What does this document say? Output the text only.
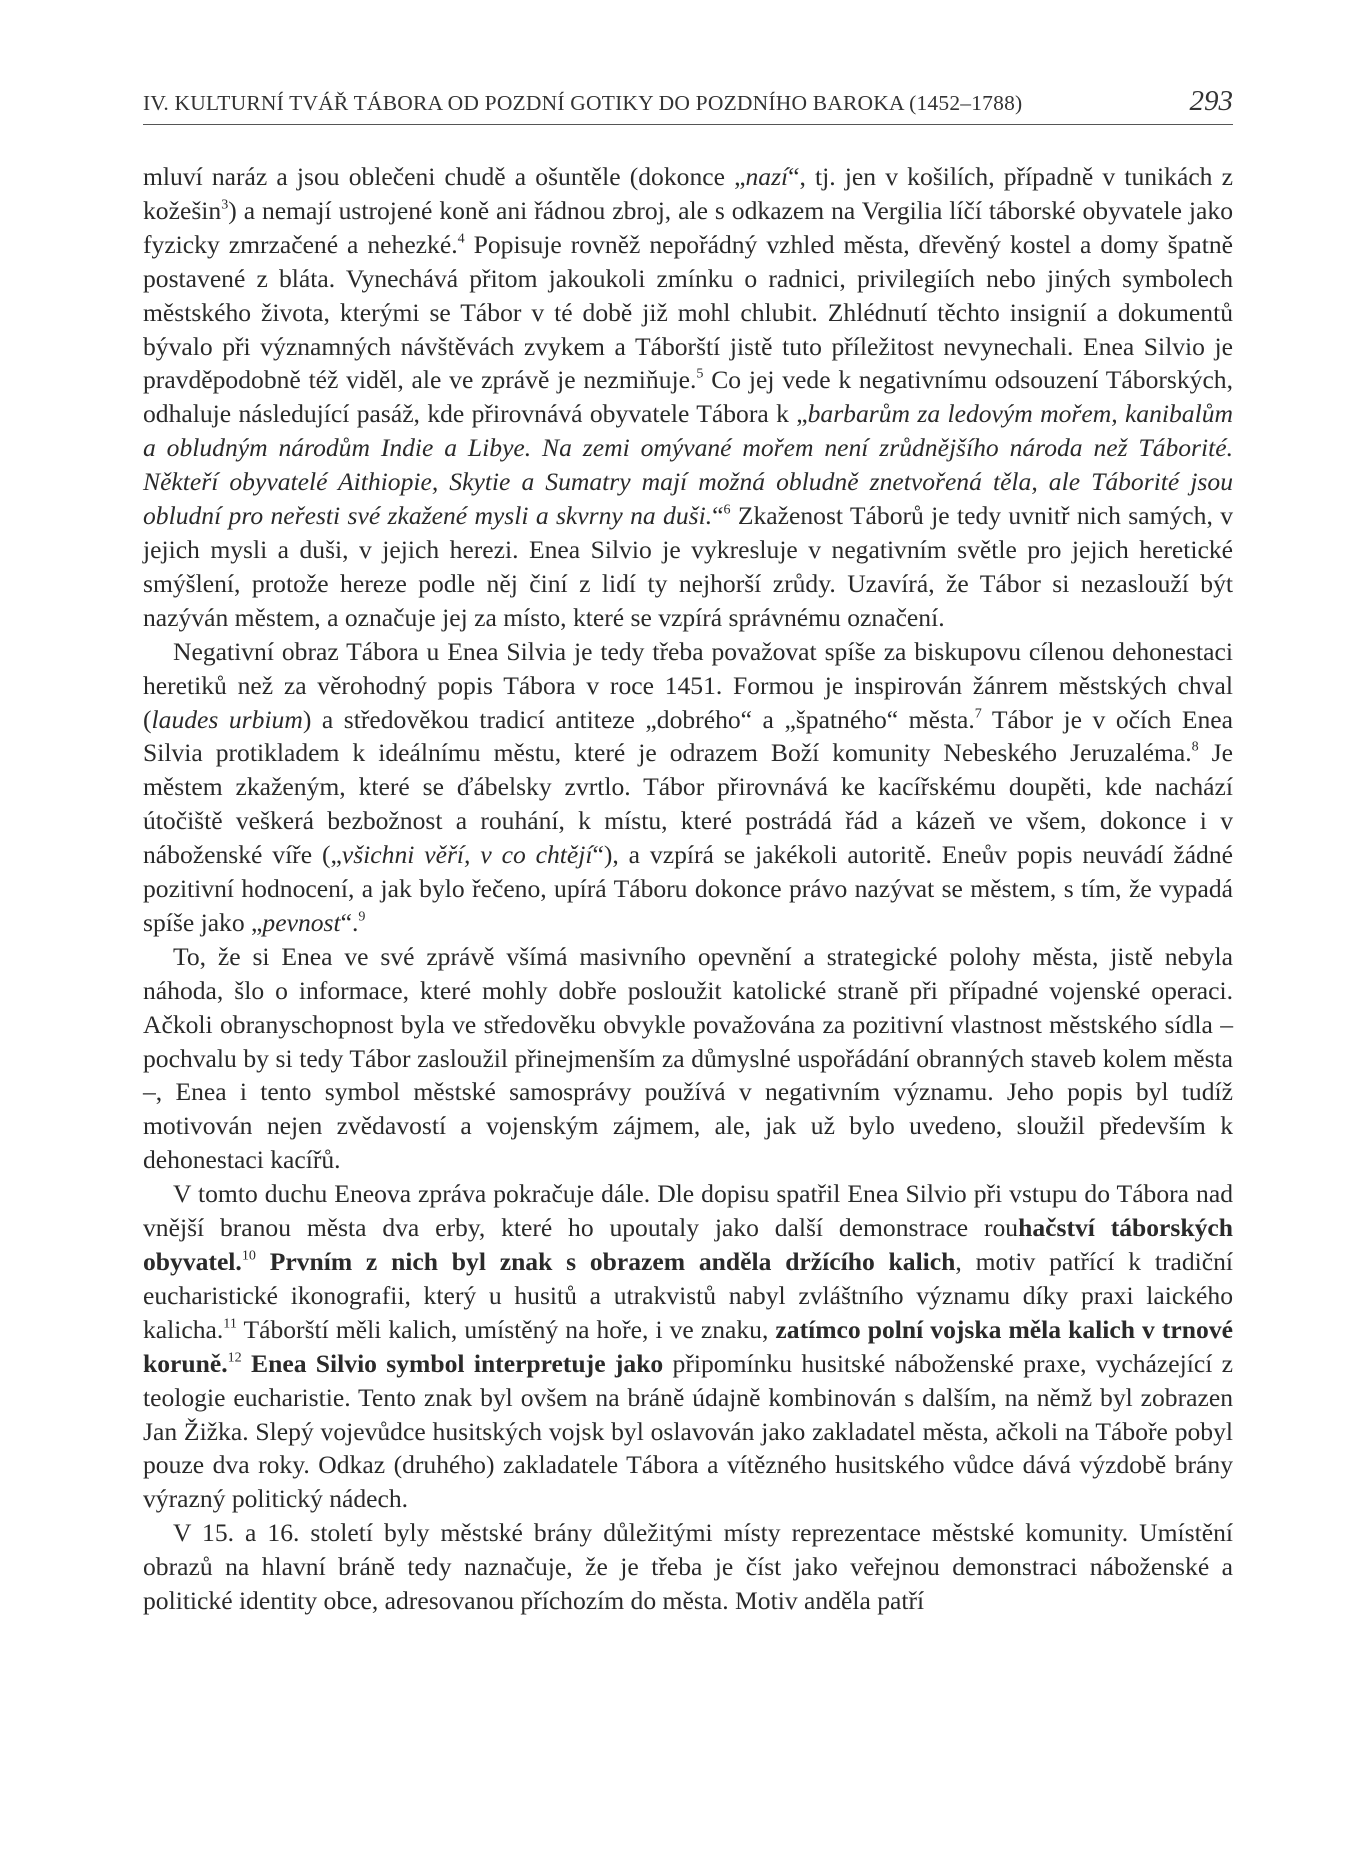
IV. KULTURNÍ TVÁŘ TÁBORA OD POZDNÍ GOTIKY DO POZDNÍHO BAROKA (1452–1788)	293

mluví naráz a jsou oblečeni chudě a ošuntěle (dokonce „nazí“, tj. jen v košilích, případně v tunikách z kožešin$^3$) a nemají ustrojené koně ani řádnou zbroj, ale s odkazem na Vergilia líčí táborské obyvatele jako fyzicky zmrzačené a nehezké.$^4$ Popisuje rovněž nepořádný vzhled města, dřevěný kostel a domy špatně postavené z bláta. Vynechává přitom jakoukoli zmínku o radnici, privilegiích nebo jiných symbolech městského života, kterými se Tábor v té době již mohl chlubit. Zhlédnutí těchto insignií a dokumentů bývalo při významných návštěvách zvykem a Táborští jistě tuto příležitost nevynechali. Enea Silvio je pravděpodobně též viděl, ale ve zprávě je nezmiňuje.$^5$ Co jej vede k negativnímu odsouzení Táborských, odhaluje následující pasáž, kde přirovnává obyvatele Tábora k „barbarům za ledovým mořem, kanibalům a obludným národům Indie a Libye. Na zemi omývané mořem není zrůdnějšího národa než Táborité. Někteří obyvatelé Aithiopie, Skytie a Sumatry mají možná obludně znetvořená těla, ale Táborité jsou obludní pro neřesti své zkažené mysli a skvrny na duši.“$^6$ Zkaženost Táborů je tedy uvnitř nich samých, v jejich mysli a duši, v jejich herezi. Enea Silvio je vykresluje v negativním světle pro jejich heretické smýšlení, protože hereze podle něj činí z lidí ty nejhorší zrůdy. Uzavírá, že Tábor si nezaslouží být nazýván městem, a označuje jej za místo, které se vzpírá správnému označení.

Negativní obraz Tábora u Enea Silvia je tedy třeba považovat spíše za biskupovu cílenou dehonestaci heretiků než za věrohodný popis Tábora v roce 1451. Formou je inspirován žánrem městských chval (laudes urbium) a středověkou tradicí antiteze „dobrého“ a „špatného“ města.$^7$ Tábor je v očích Enea Silvia protikladem k ideálnímu městu, které je odrazem Boží komunity Nebeského Jeruzaléma.$^8$ Je městem zkaženým, které se ďábelsky zvrtlo. Tábor přirovnává ke kacířskému doupěti, kde nachází útočiště veškerá bezbožnost a rouhání, k místu, které postrádá řád a kázeň ve všem, dokonce i v náboženské víře („všichni věří, v co chtějí“), a vzpírá se jakékoli autoritě. Eneův popis neuvádí žádné pozitivní hodnocení, a jak bylo řečeno, upírá Táboru dokonce právo nazývat se městem, s tím, že vypadá spíše jako „pevnost“.$^9$

To, že si Enea ve své zprávě všímá masivního opevnění a strategické polohy města, jistě nebyla náhoda, šlo o informace, které mohly dobře posloužit katolické straně při případné vojenské operaci. Ačkoli obranyschopnost byla ve středověku obvykle považována za pozitivní vlastnost městského sídla – pochvalu by si tedy Tábor zasloužil přinejmenším za důmyslné uspořádání obranných staveb kolem města –, Enea i tento symbol městské samosprávy používá v negativním významu. Jeho popis byl tudíž motivován nejen zvědavostí a vojenským zájmem, ale, jak už bylo uvedeno, sloužil především k dehonestaci kacířů.

V tomto duchu Eneova zpráva pokračuje dále. Dle dopisu spatřil Enea Silvio při vstupu do Tábora nad vnější branou města dva erby, které ho upoutaly jako další demonstrace rouhačství táborských obyvatel.$^{10}$ Prvním z nich byl znak s obrazem anděla držícího kalich, motiv patřící k tradiční eucharistické ikonografii, který u husitů a utrakvistů nabyl zvláštního významu díky praxi laického kalicha.$^{11}$ Táborští měli kalich, umístěný na hoře, i ve znaku, zatímco polní vojska měla kalich v trnové koruně.$^{12}$ Enea Silvio symbol interpretuje jako připomínku husitské náboženské praxe, vycházející z teologie eucharistie. Tento znak byl ovšem na bráně údajně kombinován s dalším, na němž byl zobrazen Jan Žižka. Slepý vojevůdce husitských vojsk byl oslavován jako zakladatel města, ačkoli na Táboře pobyl pouze dva roky. Odkaz (druhého) zakladatele Tábora a vítězného husitského vůdce dává výzdobě brány výrazný politický nádech.

V 15. a 16. století byly městské brány důležitými místy reprezentace městské komunity. Umístění obrazů na hlavní bráně tedy naznačuje, že je třeba je číst jako veřejnou demonstraci náboženské a politické identity obce, adresovanou příchozím do města. Motiv anděla patří
